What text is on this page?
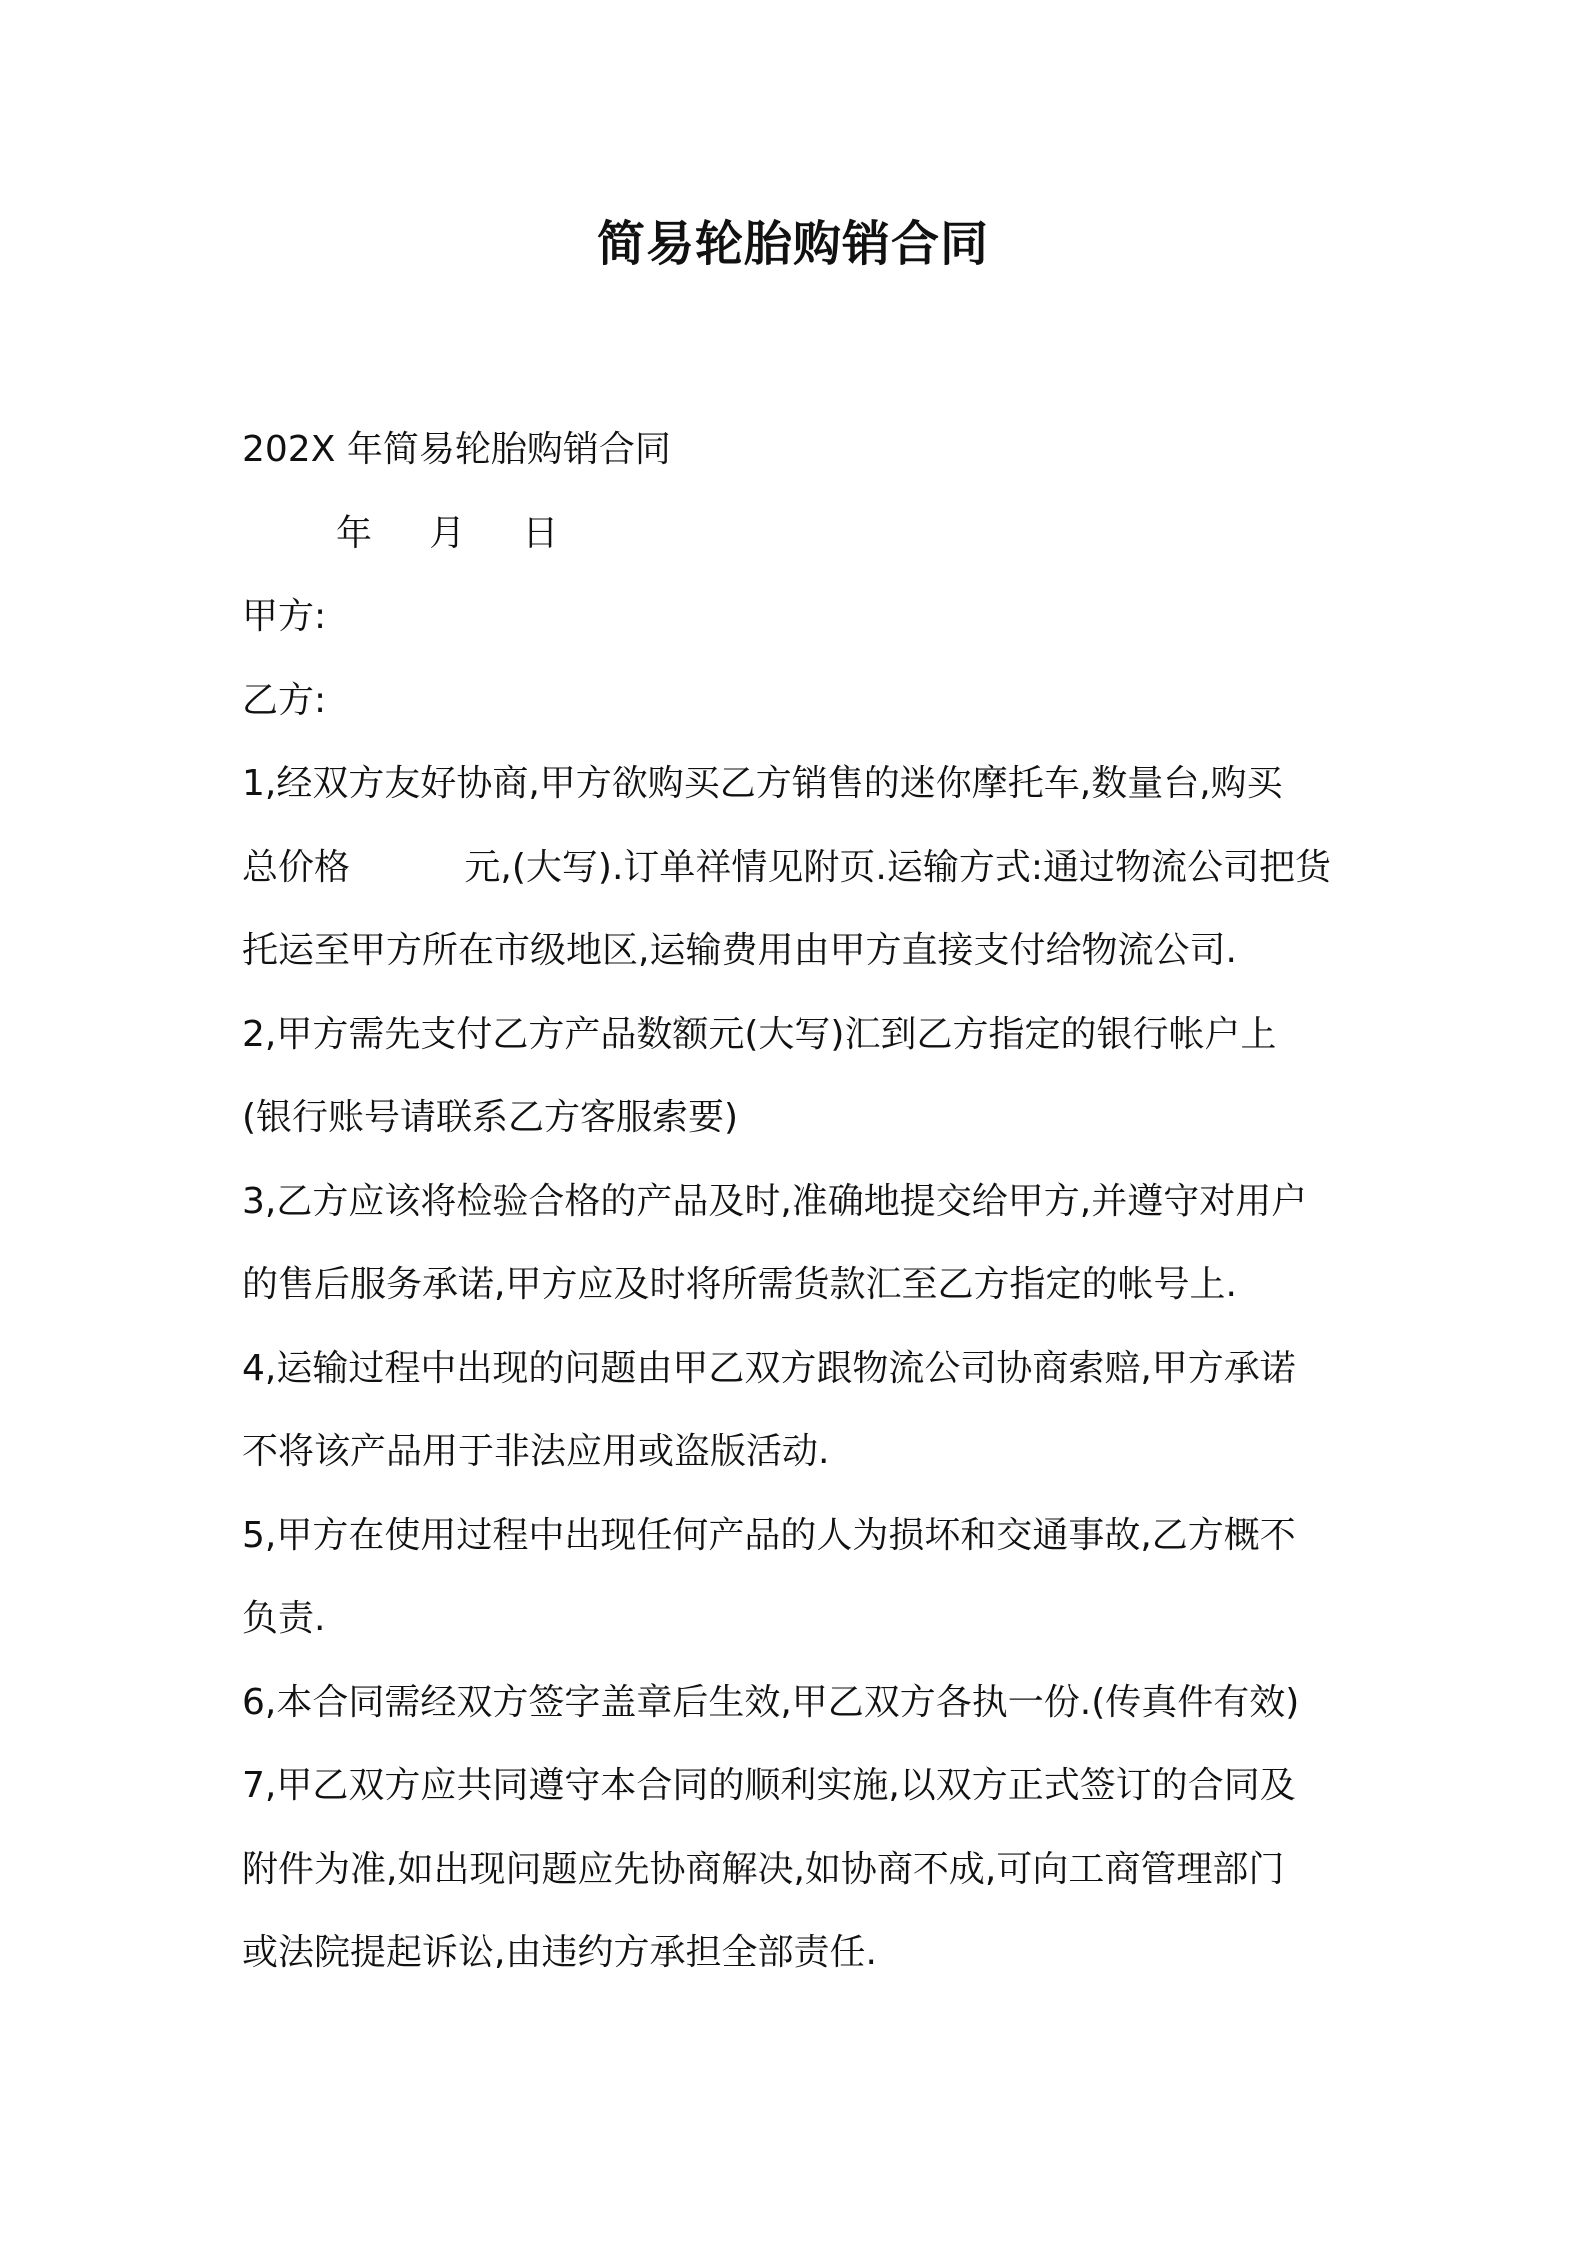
简易轮胎购销合同
202X 年简易轮胎购销合同
年     月     日
甲方:
乙方:
1,经双方友好协商,甲方欲购买乙方销售的迷你摩托车,数量台,购买
总价格          元,(大写).订单祥情见附页.运输方式:通过物流公司把货
托运至甲方所在市级地区,运输费用由甲方直接支付给物流公司.
2,甲方需先支付乙方产品数额元(大写)汇到乙方指定的银行帐户上
(银行账号请联系乙方客服索要)
3,乙方应该将检验合格的产品及时,准确地提交给甲方,并遵守对用户
的售后服务承诺,甲方应及时将所需货款汇至乙方指定的帐号上.
4,运输过程中出现的问题由甲乙双方跟物流公司协商索赔,甲方承诺
不将该产品用于非法应用或盗版活动.
5,甲方在使用过程中出现任何产品的人为损坏和交通事故,乙方概不
负责.
6,本合同需经双方签字盖章后生效,甲乙双方各执一份.(传真件有效)
7,甲乙双方应共同遵守本合同的顺利实施,以双方正式签订的合同及
附件为准,如出现问题应先协商解决,如协商不成,可向工商管理部门
或法院提起诉讼,由违约方承担全部责任.
